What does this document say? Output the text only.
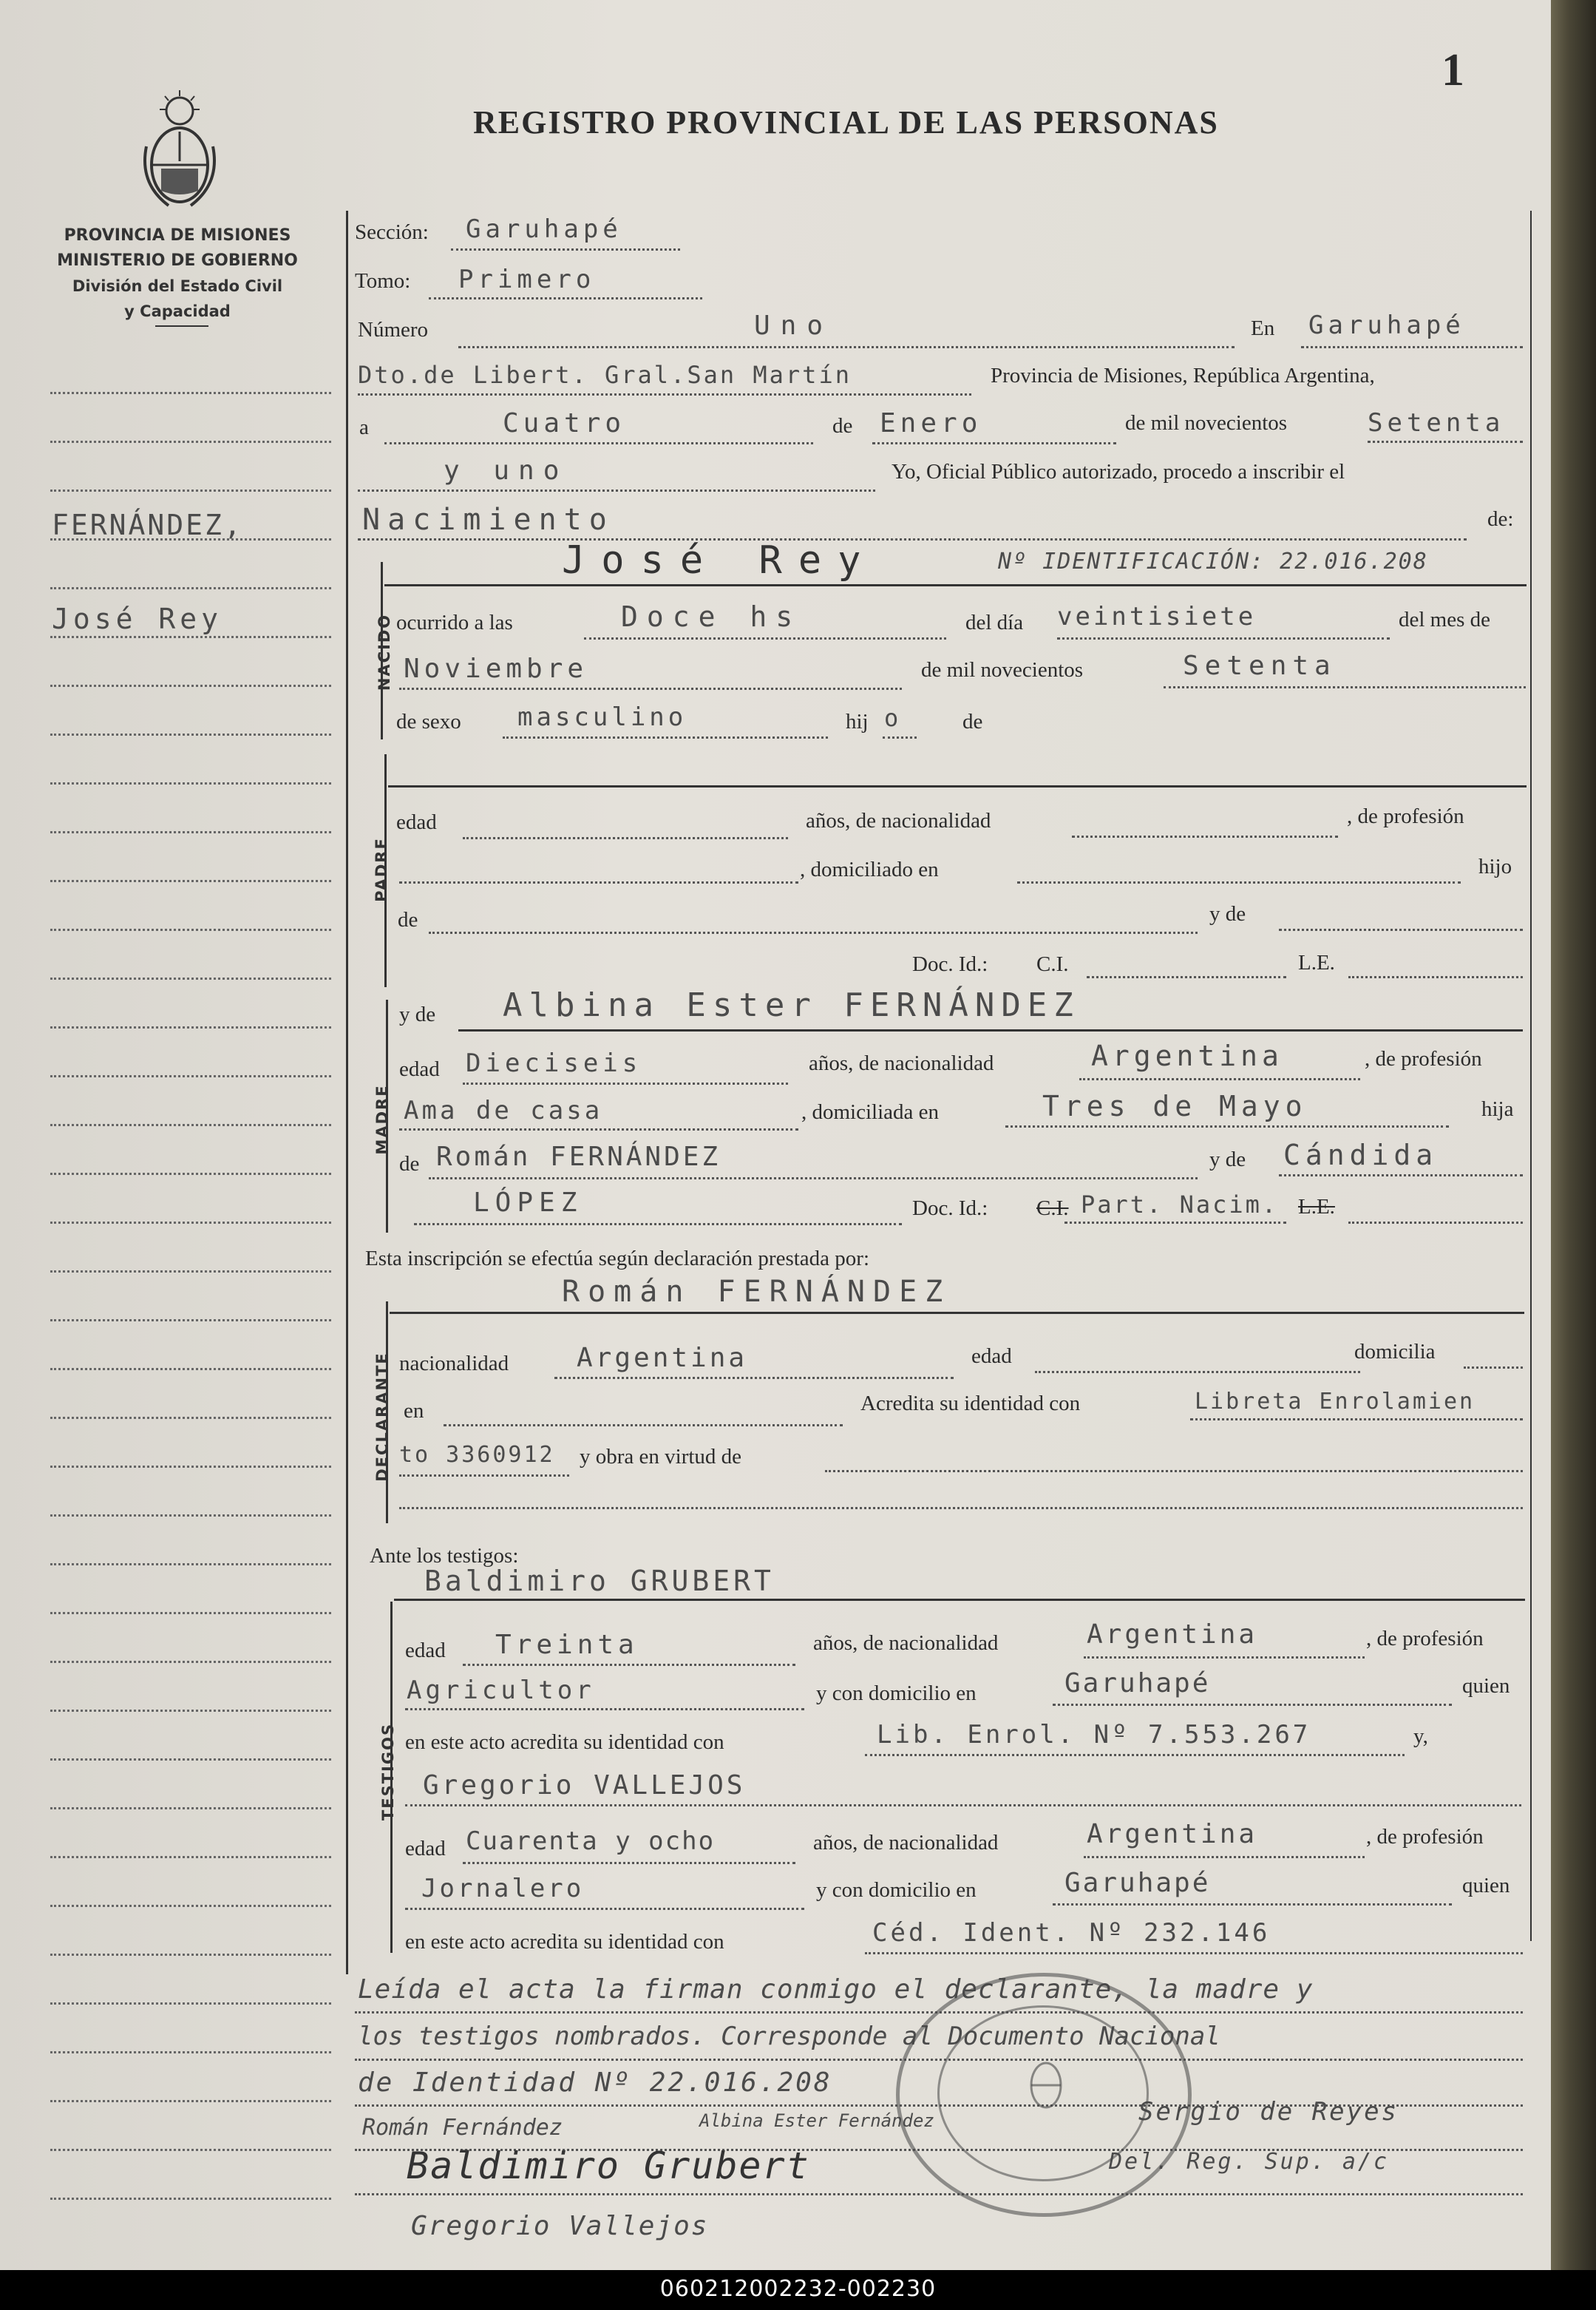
060212002232-002230
1
REGISTRO PROVINCIAL DE LAS PERSONAS
PROVINCIA DE MISIONES
MINISTERIO DE GOBIERNO
División del Estado Civil
y Capacidad
FERNÁNDEZ,
José Rey
Sección: Garuhapé
Tomo: Primero
Número	Uno	En Garuhapé
Dto.de Libert. Gral.San Martín	Provincia de Misiones, República Argentina,
a	Cuatro	de Enero	de mil novecientos	Setenta
y uno	Yo, Oficial Público autorizado, procedo a inscribir el
Nacimiento	de:
NACIDO
José Rey	Nº IDENTIFICACIÓN: 22.016.208
ocurrido a las	Doce hs	del día veintisiete	del mes de
Noviembre	de mil novecientos	Setenta
de sexo masculino	hij o	de
PADRE
edad	años, de nacionalidad	, de profesión
, domiciliado en	hijo
de	y de
Doc. Id.: C.I.	L.E.
MADRE
y de Albina Ester FERNÁNDEZ
edad Dieciseis	años, de nacionalidad	Argentina	, de profesión
Ama de casa	, domiciliada en	Tres de Mayo	hija
de Román FERNÁNDEZ	y de Cándida
LÓPEZ	Doc. Id.: C.I. Part. Nacim. L.E.
Esta inscripción se efectúa según declaración prestada por:
DECLARANTE
Román FERNÁNDEZ
nacionalidad	Argentina	edad	domicilia
en	Acredita su identidad con	Libreta Enrolamien
to 3360912 y obra en virtud de
Ante los testigos:
TESTIGOS
Baldimiro GRUBERT
edad Treinta	años, de nacionalidad	Argentina	, de profesión
Agricultor	y con domicilio en	Garuhapé	quien
en este acto acredita su identidad con	Lib. Enrol. Nº 7.553.267	y,
Gregorio VALLEJOS
edad Cuarenta y ocho	años, de nacionalidad	Argentina	, de profesión
Jornalero	y con domicilio en	Garuhapé	quien
en este acto acredita su identidad con	Céd. Ident. Nº 232.146
Leída el acta la firman conmigo el declarante, la madre y
los testigos nombrados. Corresponde al Documento Nacional
de Identidad Nº 22.016.208
Román Fernández	Albina Ester Fernández
Baldimiro Grubert
Gregorio Vallejos
Sergio de Reyes
Del. Reg. Sup. a/c
